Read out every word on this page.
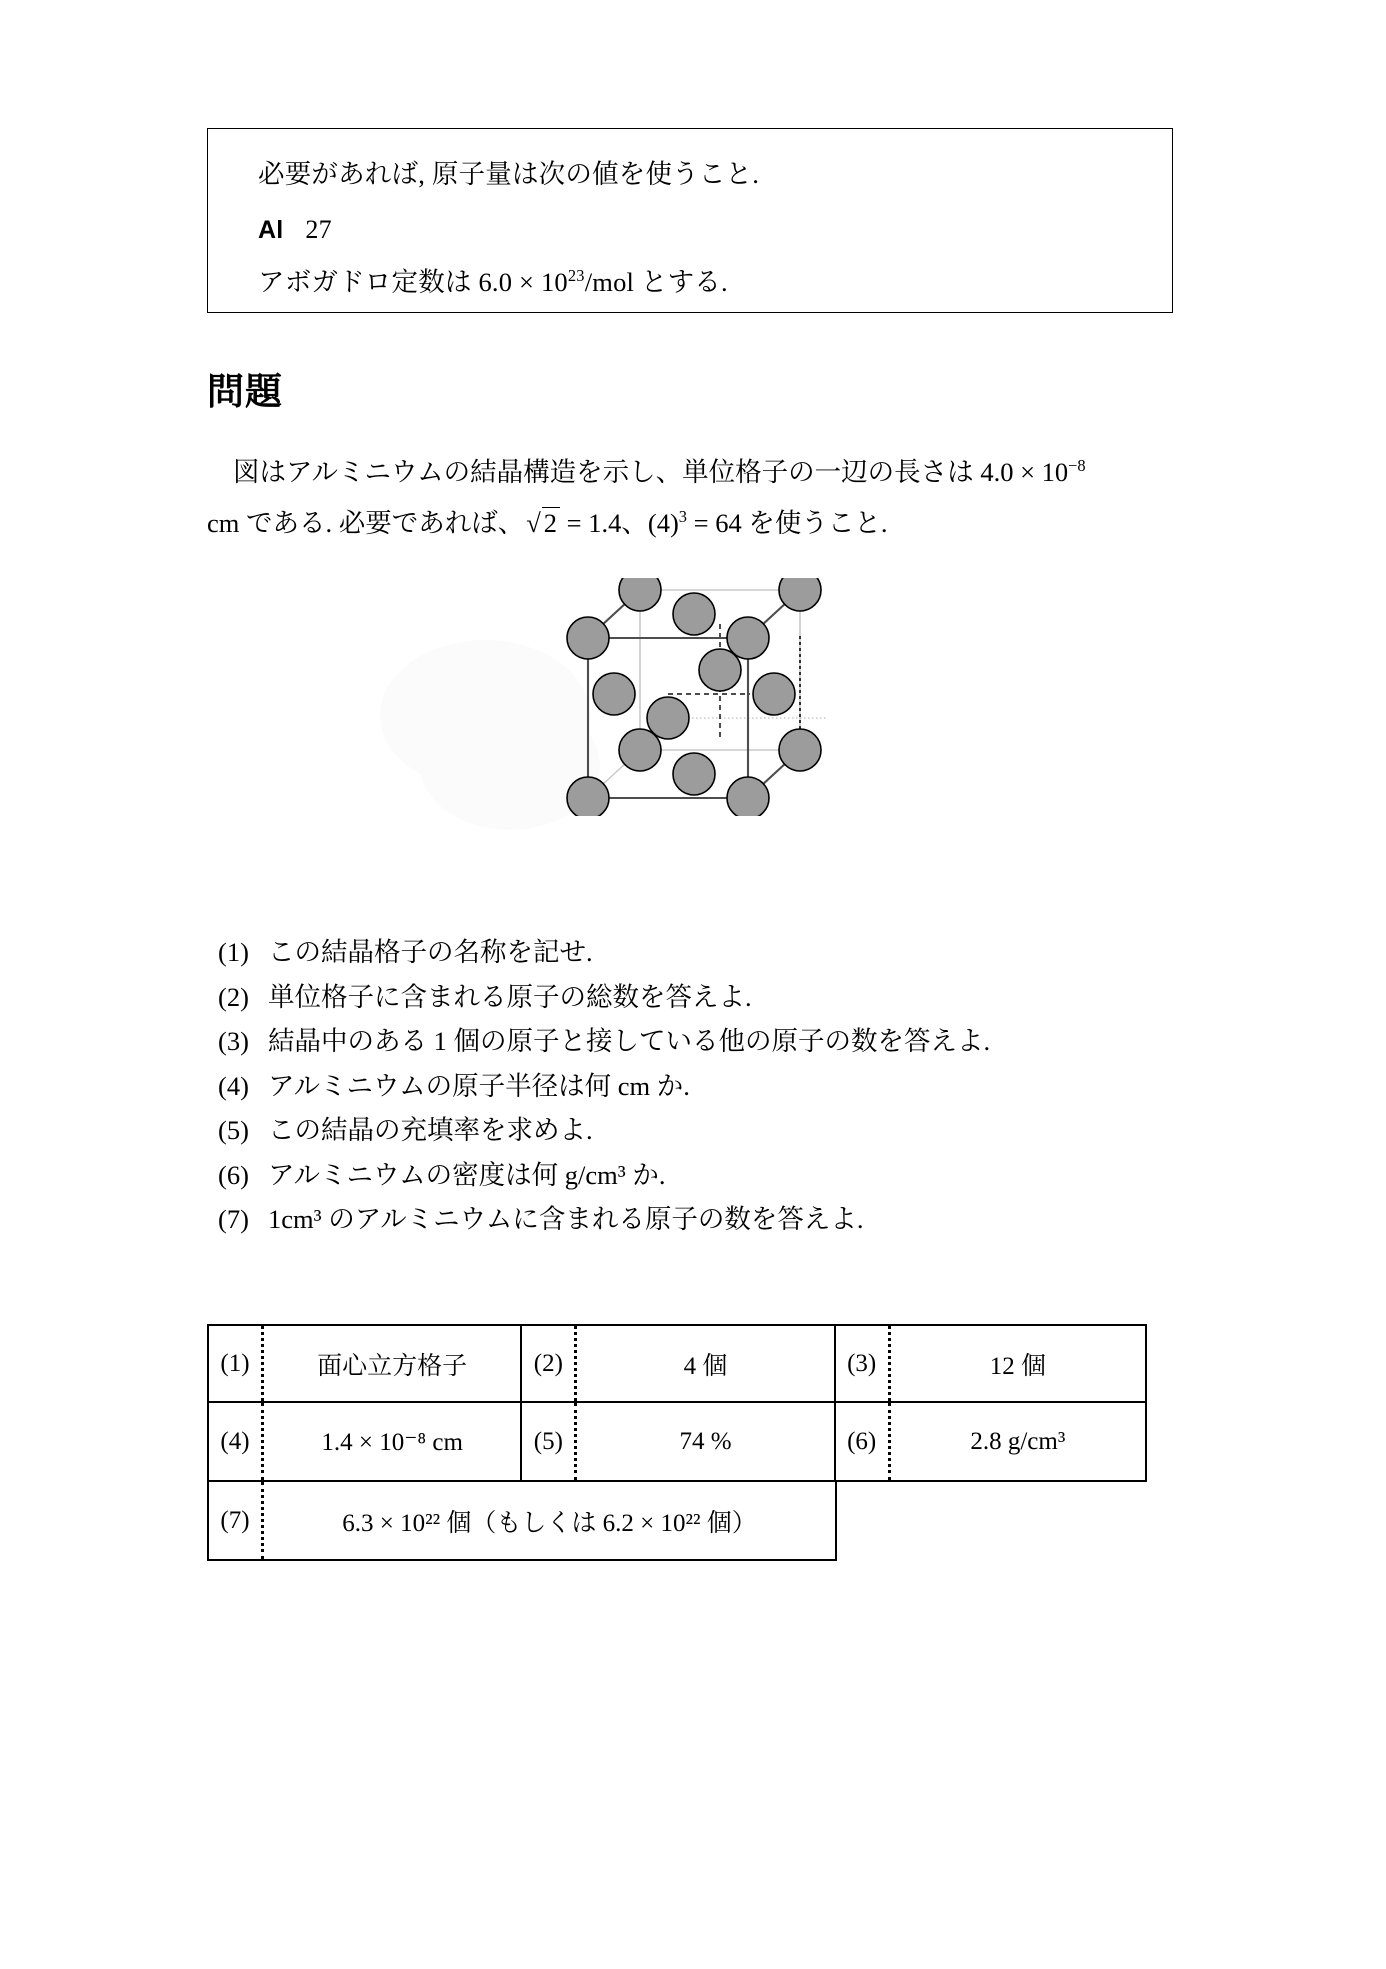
必要があれば, 原子量は次の値を使うこと.
Al 27
アボガドロ定数は $6.0 \times 10^{23}$/mol とする.
問題
図はアルミニウムの結晶構造を示し、単位格子の一辺の長さは $4.0 \times 10^{-8}$
cm である. 必要であれば、√ 2 = 1.4、$(4)^3 = 64$ を使うこと.
(1) この結晶格子の名称を記せ.
(2) 単位格子に含まれる原子の総数を答えよ.
(3) 結晶中のある 1 個の原子と接している他の原子の数を答えよ.
(4) アルミニウムの原子半径は何 cm か.
(5) この結晶の充填率を求めよ.
(6) アルミニウムの密度は何 g/cm³ か.
(7) 1cm³ のアルミニウムに含まれる原子の数を答えよ.
(1)	面心立方格子	(2)	4 個	(3)	12 個
(4)	1.4 × 10⁻⁸ cm	(5)	74 %	(6)	2.8 g/cm³
(7)	6.3 × 10²² 個（もしくは 6.2 × 10²² 個）
